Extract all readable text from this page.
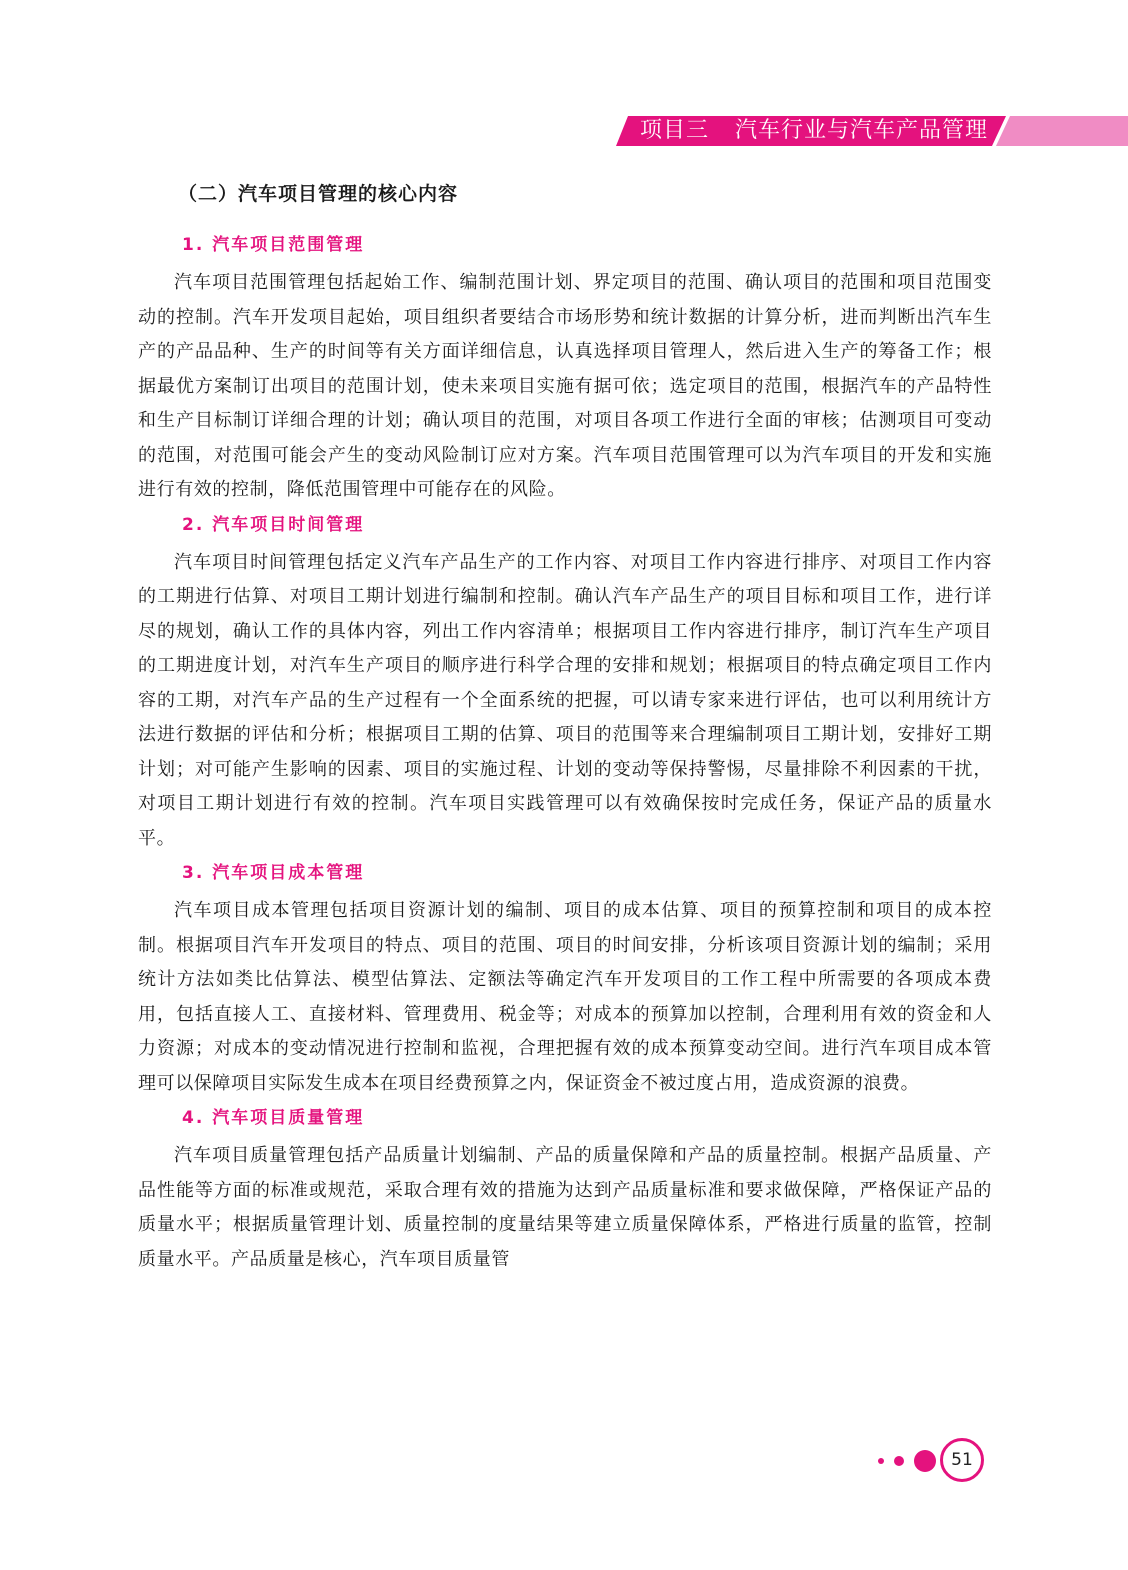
项目三 汽车行业与汽车产品管理
（二）汽车项目管理的核心内容
1. 汽车项目范围管理

汽车项目范围管理包括起始工作、编制范围计划、界定项目的范围、确认项目的范围和项目范围变动的控制。汽车开发项目起始，项目组织者要结合市场形势和统计数据的计算分析，进而判断出汽车生产的产品品种、生产的时间等有关方面详细信息，认真选择项目管理人，然后进入生产的筹备工作；根据最优方案制订出项目的范围计划，使未来项目实施有据可依；选定项目的范围，根据汽车的产品特性和生产目标制订详细合理的计划；确认项目的范围，对项目各项工作进行全面的审核；估测项目可变动的范围，对范围可能会产生的变动风险制订应对方案。汽车项目范围管理可以为汽车项目的开发和实施进行有效的控制，降低范围管理中可能存在的风险。

2. 汽车项目时间管理

汽车项目时间管理包括定义汽车产品生产的工作内容、对项目工作内容进行排序、对项目工作内容的工期进行估算、对项目工期计划进行编制和控制。确认汽车产品生产的项目目标和项目工作，进行详尽的规划，确认工作的具体内容，列出工作内容清单；根据项目工作内容进行排序，制订汽车生产项目的工期进度计划，对汽车生产项目的顺序进行科学合理的安排和规划；根据项目的特点确定项目工作内容的工期，对汽车产品的生产过程有一个全面系统的把握，可以请专家来进行评估，也可以利用统计方法进行数据的评估和分析；根据项目工期的估算、项目的范围等来合理编制项目工期计划，安排好工期计划；对可能产生影响的因素、项目的实施过程、计划的变动等保持警惕，尽量排除不利因素的干扰，对项目工期计划进行有效的控制。汽车项目实践管理可以有效确保按时完成任务，保证产品的质量水平。

3. 汽车项目成本管理

汽车项目成本管理包括项目资源计划的编制、项目的成本估算、项目的预算控制和项目的成本控制。根据项目汽车开发项目的特点、项目的范围、项目的时间安排，分析该项目资源计划的编制；采用统计方法如类比估算法、模型估算法、定额法等确定汽车开发项目的工作工程中所需要的各项成本费用，包括直接人工、直接材料、管理费用、税金等；对成本的预算加以控制，合理利用有效的资金和人力资源；对成本的变动情况进行控制和监视，合理把握有效的成本预算变动空间。进行汽车项目成本管理可以保障项目实际发生成本在项目经费预算之内，保证资金不被过度占用，造成资源的浪费。

4. 汽车项目质量管理

汽车项目质量管理包括产品质量计划编制、产品的质量保障和产品的质量控制。根据产品质量、产品性能等方面的标准或规范，采取合理有效的措施为达到产品质量标准和要求做保障，严格保证产品的质量水平；根据质量管理计划、质量控制的度量结果等建立质量保障体系，严格进行质量的监管，控制质量水平。产品质量是核心，汽车项目质量管

51
